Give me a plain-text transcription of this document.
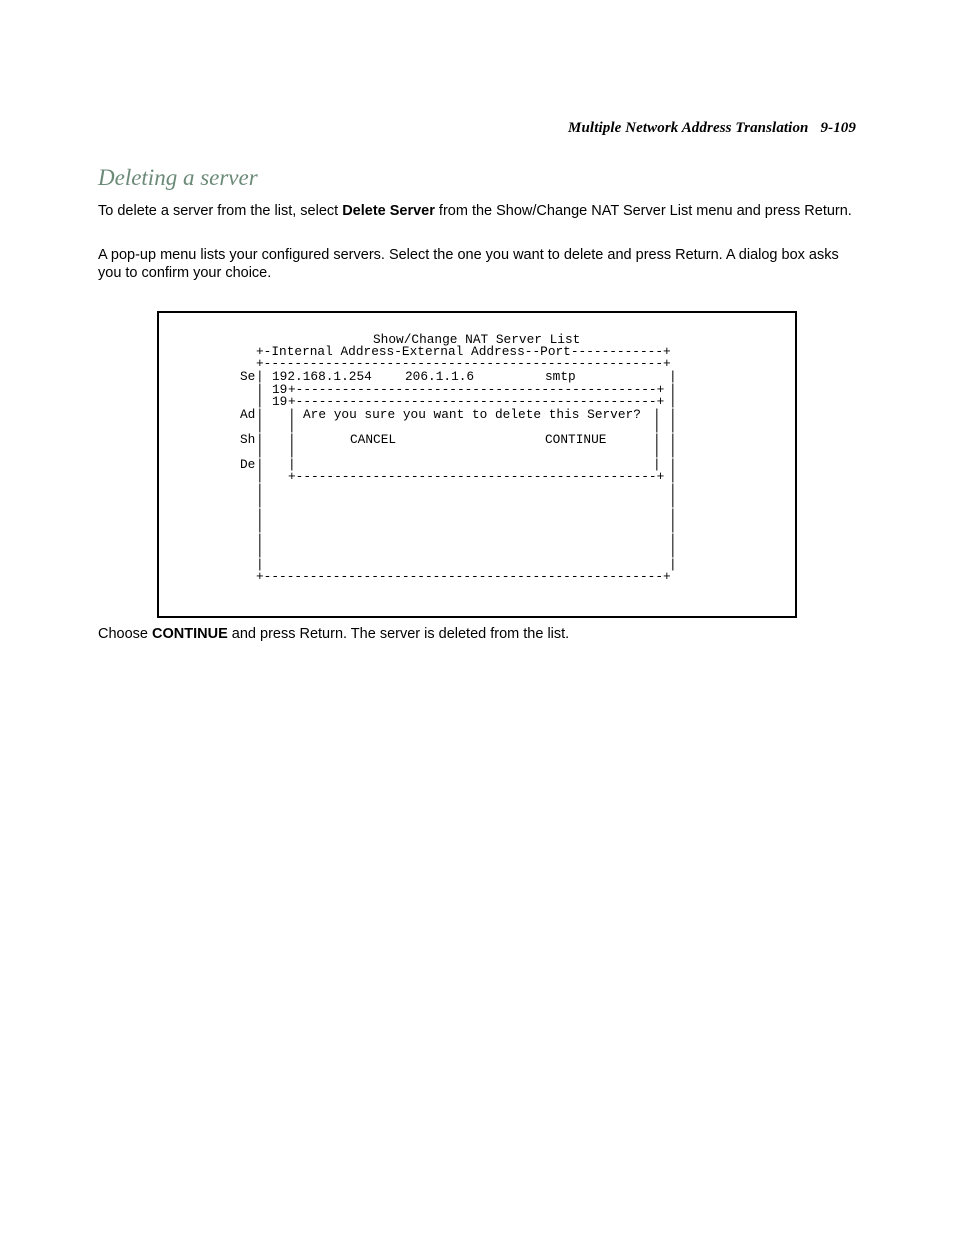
Multiple Network Address Translation 9-109
Deleting a server

To delete a server from the list, select Delete Server from the Show/Change NAT Server List menu and press Return.

A pop-up menu lists your configured servers. Select the one you want to delete and press Return. A dialog box asks you to confirm your choice.

Show/Change NAT Server List
+-Internal Address-External Address--Port------------+
+----------------------------------------------------+
192.168.1.254	206.1.1.6	smtp
19
19
+-----------------------------------------------+
+-----------------------------------------------+
Are you sure you want to delete this Server?
CANCEL	CONTINUE
+-----------------------------------------------+
|
|
|
|
|
|
|
|
|
|
|
|
|
|
|
|
|
|
|
|
|
|
|
|
|
|
|
|
|
|
|
|
|
|
|
|
|
|
|
|
|
|
+----------------------------------------------------+
Se
Ad
Sh
De

Choose CONTINUE and press Return. The server is deleted from the list.
